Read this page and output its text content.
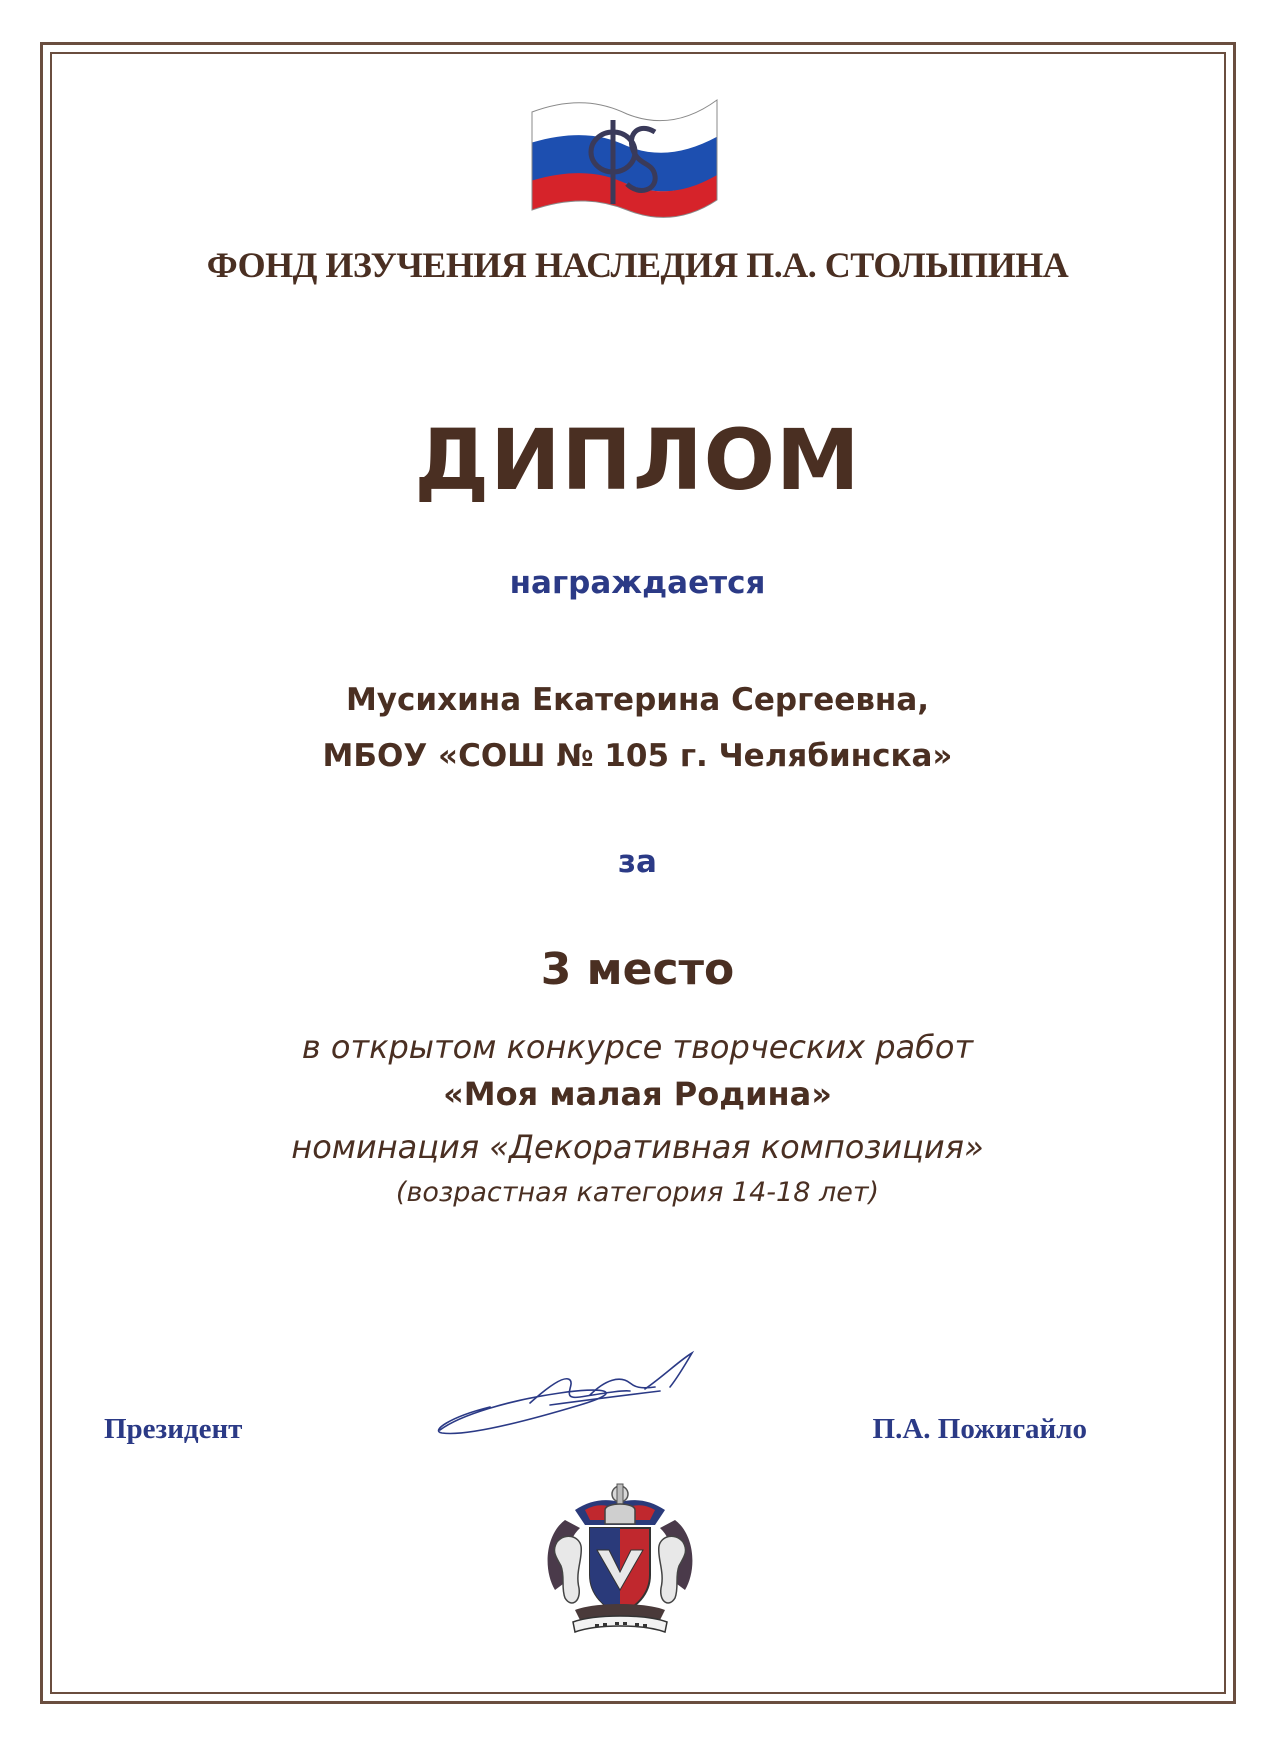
ФОНД ИЗУЧЕНИЯ НАСЛЕДИЯ П.А. СТОЛЫПИНА
ДИПЛОМ
награждается
Мусихина Екатерина Сергеевна,
МБОУ «СОШ № 105 г. Челябинска»
за
3 место
в открытом конкурсе творческих работ
«Моя малая Родина»
номинация «Декоративная композиция»
(возрастная категория 14-18 лет)
Президент	П.А. Пожигайло
